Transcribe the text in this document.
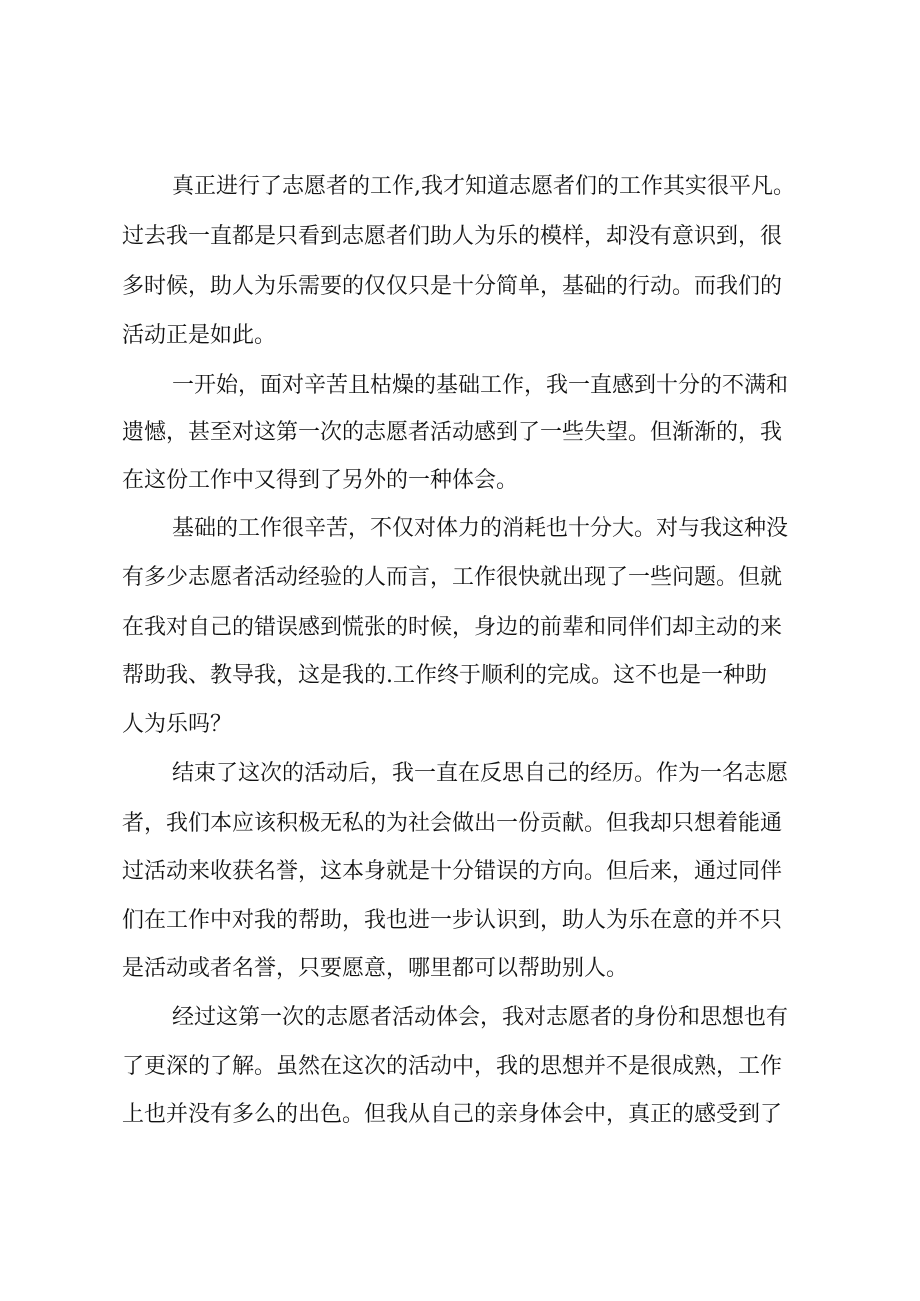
真正进行了志愿者的工作,我才知道志愿者们的工作其实很平凡。

过去我一直都是只看到志愿者们助人为乐的模样，却没有意识到，很

多时候，助人为乐需要的仅仅只是十分简单，基础的行动。而我们的

活动正是如此。

一开始，面对辛苦且枯燥的基础工作，我一直感到十分的不满和

遗憾，甚至对这第一次的志愿者活动感到了一些失望。但渐渐的，我

在这份工作中又得到了另外的一种体会。

基础的工作很辛苦，不仅对体力的消耗也十分大。对与我这种没

有多少志愿者活动经验的人而言，工作很快就出现了一些问题。但就

在我对自己的错误感到慌张的时候，身边的前辈和同伴们却主动的来

帮助我、教导我，这是我的.工作终于顺利的完成。这不也是一种助

人为乐吗？

结束了这次的活动后，我一直在反思自己的经历。作为一名志愿

者，我们本应该积极无私的为社会做出一份贡献。但我却只想着能通

过活动来收获名誉，这本身就是十分错误的方向。但后来，通过同伴

们在工作中对我的帮助，我也进一步认识到，助人为乐在意的并不只

是活动或者名誉，只要愿意，哪里都可以帮助别人。

经过这第一次的志愿者活动体会，我对志愿者的身份和思想也有

了更深的了解。虽然在这次的活动中，我的思想并不是很成熟，工作

上也并没有多么的出色。但我从自己的亲身体会中，真正的感受到了
